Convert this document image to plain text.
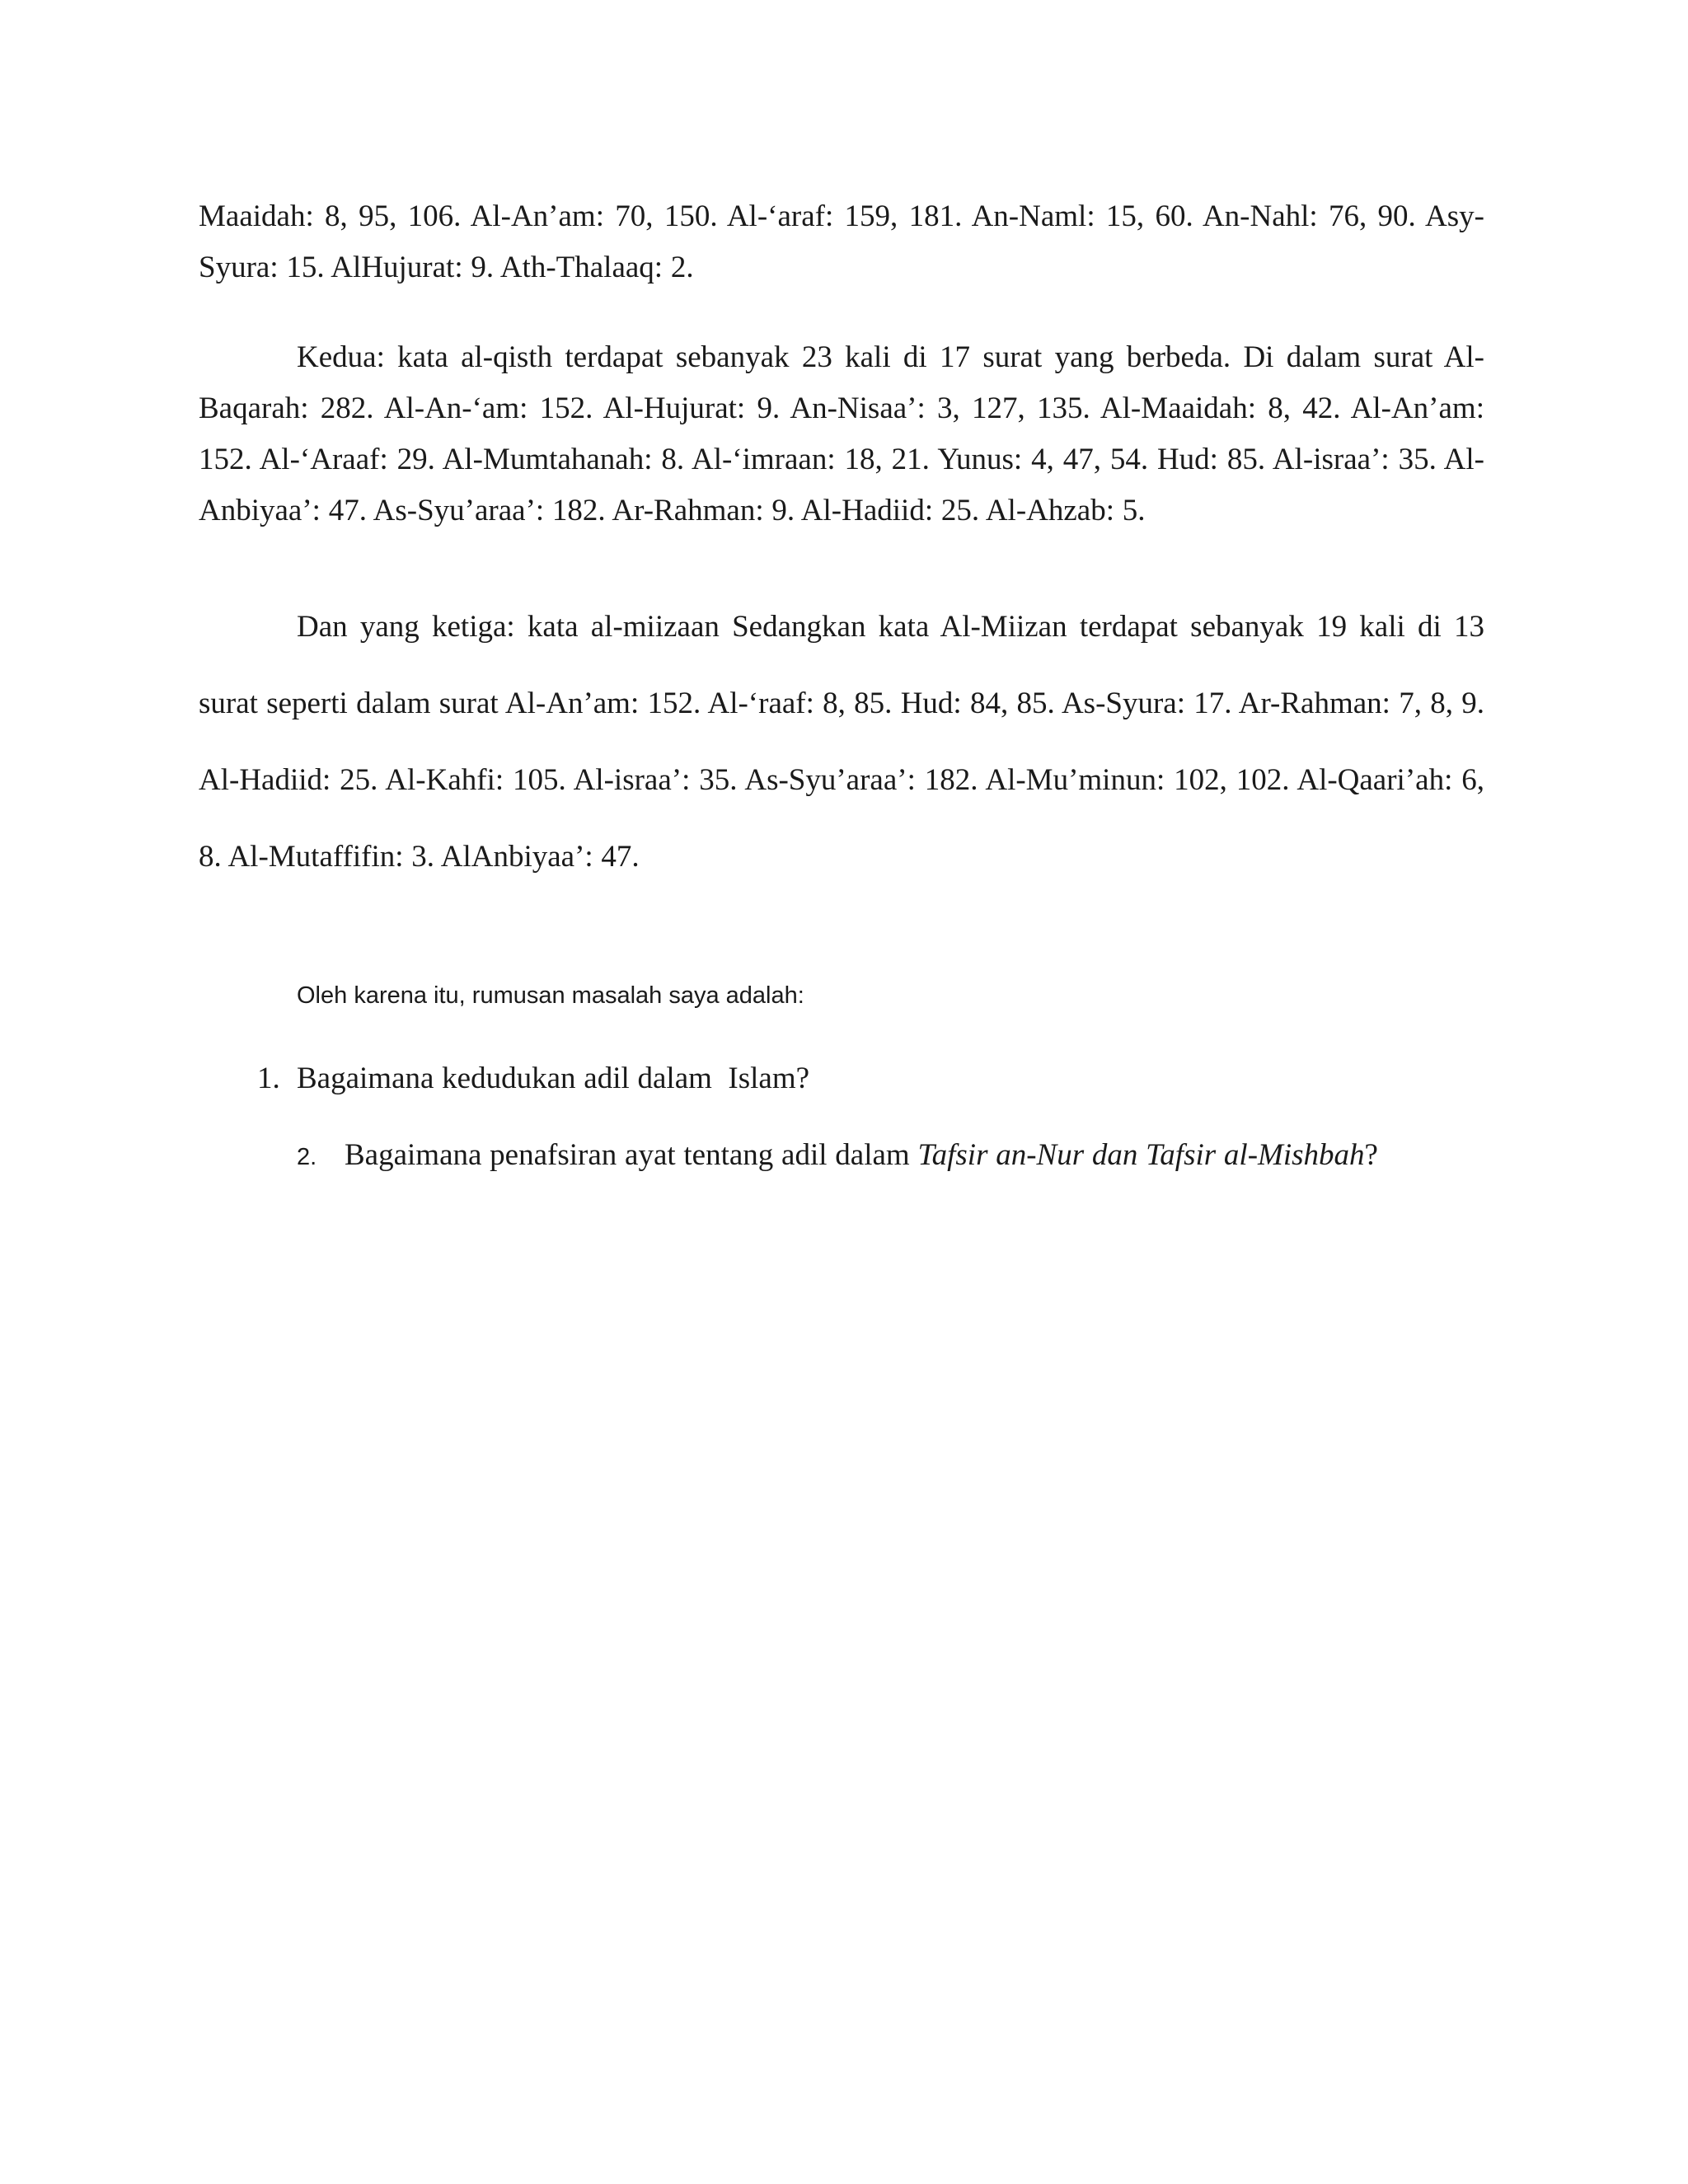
Maaidah: 8, 95, 106. Al-An’am: 70, 150. Al-‘araf: 159, 181. An-Naml: 15, 60. An-Nahl: 76, 90. Asy-Syura: 15. AlHujurat: 9. Ath-Thalaaq: 2.

Kedua: kata al-qisth terdapat sebanyak 23 kali di 17 surat yang berbeda. Di dalam surat Al-Baqarah: 282. Al-An-‘am: 152. Al-Hujurat: 9. An-Nisaa’: 3, 127, 135. Al-Maaidah: 8, 42. Al-An’am: 152. Al-‘Araaf: 29. Al-Mumtahanah: 8. Al-‘imraan: 18, 21. Yunus: 4, 47, 54. Hud: 85. Al-israa’: 35. Al-Anbiyaa’: 47. As-Syu’araa’: 182. Ar-Rahman: 9. Al-Hadiid: 25. Al-Ahzab: 5.

Dan yang ketiga: kata al-miizaan Sedangkan kata Al-Miizan terdapat sebanyak 19 kali di 13 surat seperti dalam surat Al-An’am: 152. Al-‘raaf: 8, 85. Hud: 84, 85. As-Syura: 17. Ar-Rahman: 7, 8, 9. Al-Hadiid: 25. Al-Kahfi: 105. Al-israa’: 35. As-Syu’araa’: 182. Al-Mu’minun: 102, 102. Al-Qaari’ah: 6, 8. Al-Mutaffifin: 3. AlAnbiyaa’: 47.

Oleh karena itu, rumusan masalah saya adalah:

1. Bagaimana kedudukan adil dalam  Islam?

2. Bagaimana penafsiran ayat tentang adil dalam Tafsir an-Nur dan Tafsir al-Mishbah?
